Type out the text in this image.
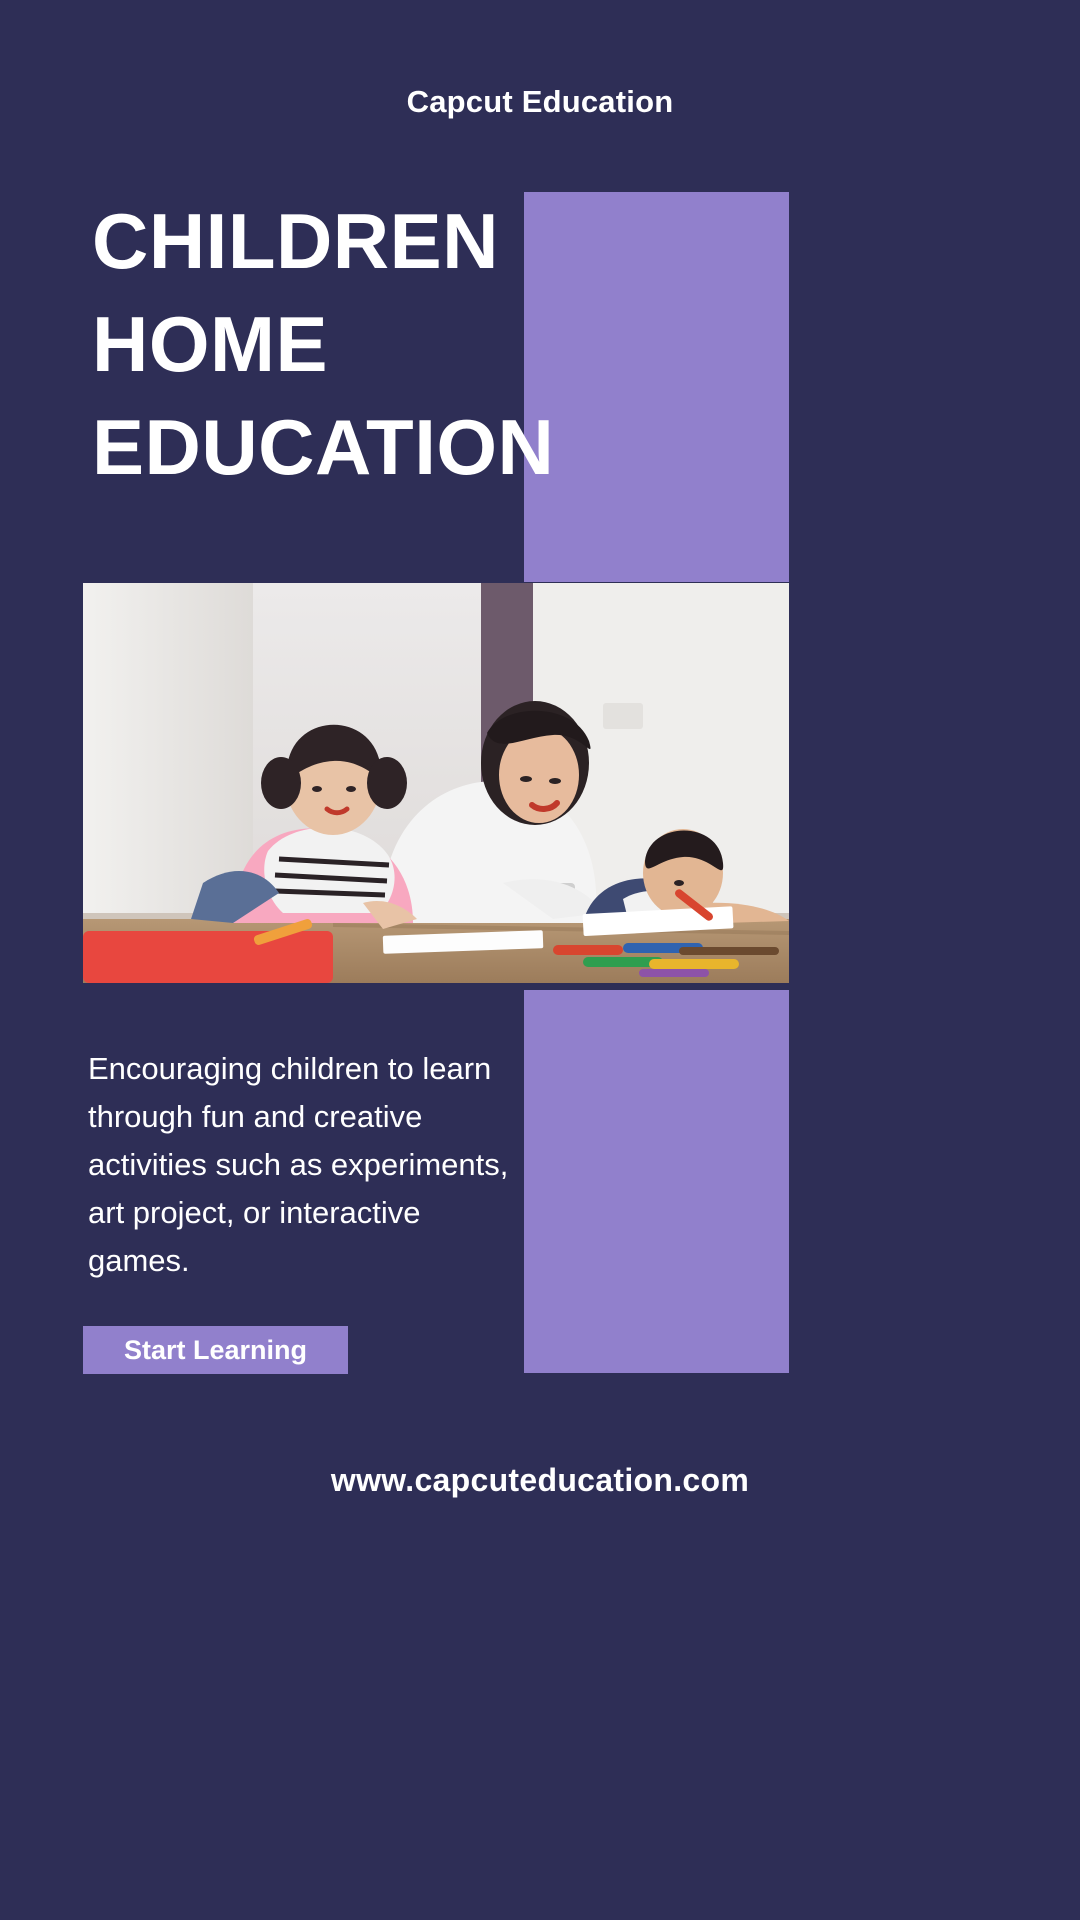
Capcut Education
CHILDREN
HOME
EDUCATION
Encouraging children to learn through fun and creative activities such as experiments, art project, or interactive games.
Start Learning
www.capcuteducation.com
